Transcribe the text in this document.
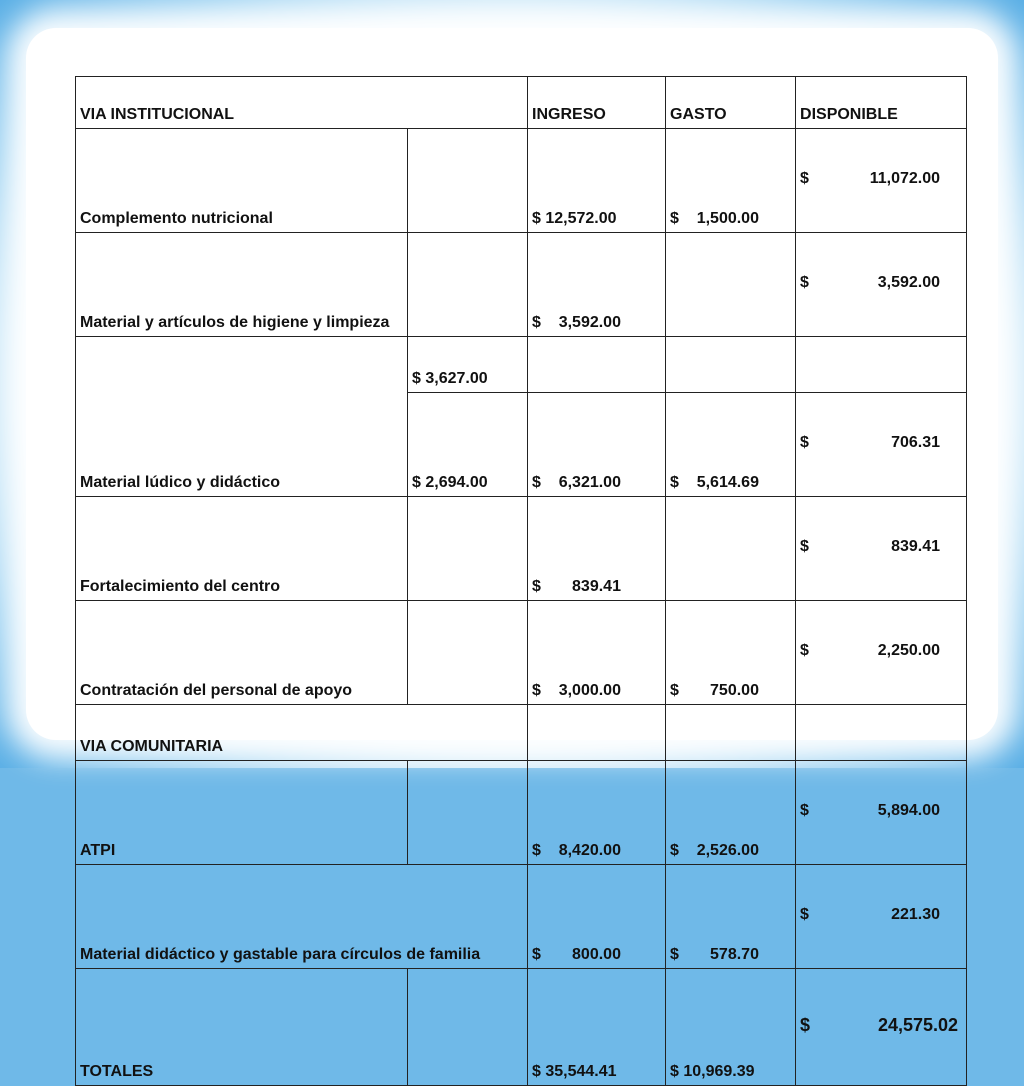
VIA INSTITUCIONAL		INGRESO	GASTO	DISPONIBLE
Complemento nutricional		$ 12,572.00	$    1,500.00	$ 11,072.00

Material y artículos de higiene y limpieza		$    3,592.00		$ 3,592.00

Material lúdico y didáctico	$ 3,627.00			
	$ 2,694.00	$    6,321.00	$    5,614.69	$ 706.31

Fortalecimiento del centro		$       839.41		$ 839.41

Contratación del personal de apoyo		$    3,000.00	$       750.00	$ 2,250.00

VIA COMUNITARIA				
ATPI		$    8,420.00	$    2,526.00	$ 5,894.00

Material didáctico y gastable para círculos de familia		$       800.00	$       578.70	$ 221.30

TOTALES		$ 35,544.41	$ 10,969.39	$ 24,575.02
